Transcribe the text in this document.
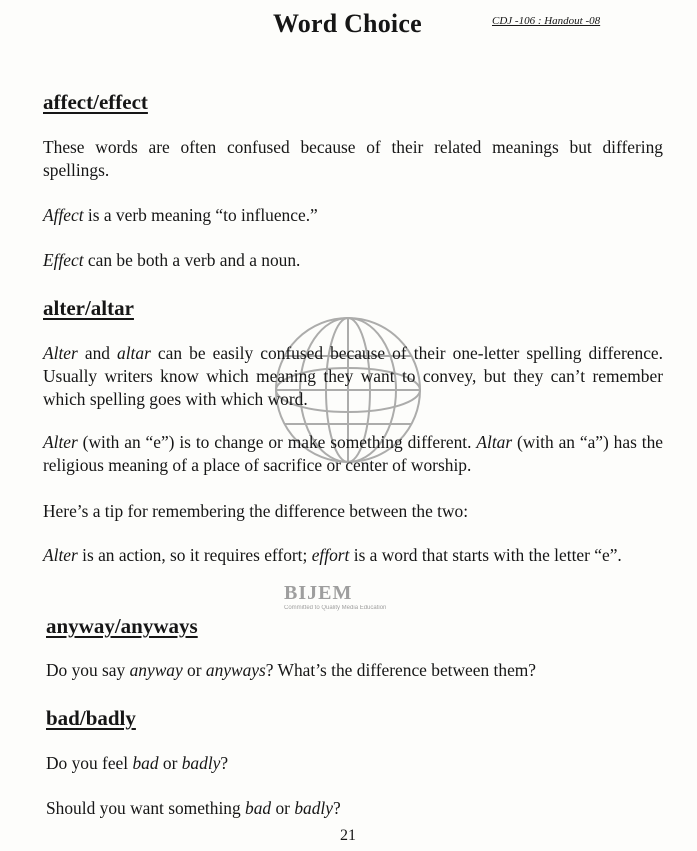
BIJEM
Committed to Quality Media Education
Word Choice	CDJ -106 : Handout -08
affect/effect
These words are often confused because of their related meanings but differing spellings.
Affect is a verb meaning “to influence.”
Effect can be both a verb and a noun.
alter/altar
Alter and altar can be easily confused because of their one-letter spelling difference. Usually writers know which meaning they want to convey, but they can’t remember which spelling goes with which word.
Alter (with an “e”) is to change or make something different. Altar (with an “a”) has the religious meaning of a place of sacrifice or center of worship.
Here’s a tip for remembering the difference between the two:
Alter is an action, so it requires effort; effort is a word that starts with the letter “e”.
anyway/anyways
Do you say anyway or anyways? What’s the difference between them?
bad/badly
Do you feel bad or badly?
Should you want something bad or badly?
21
